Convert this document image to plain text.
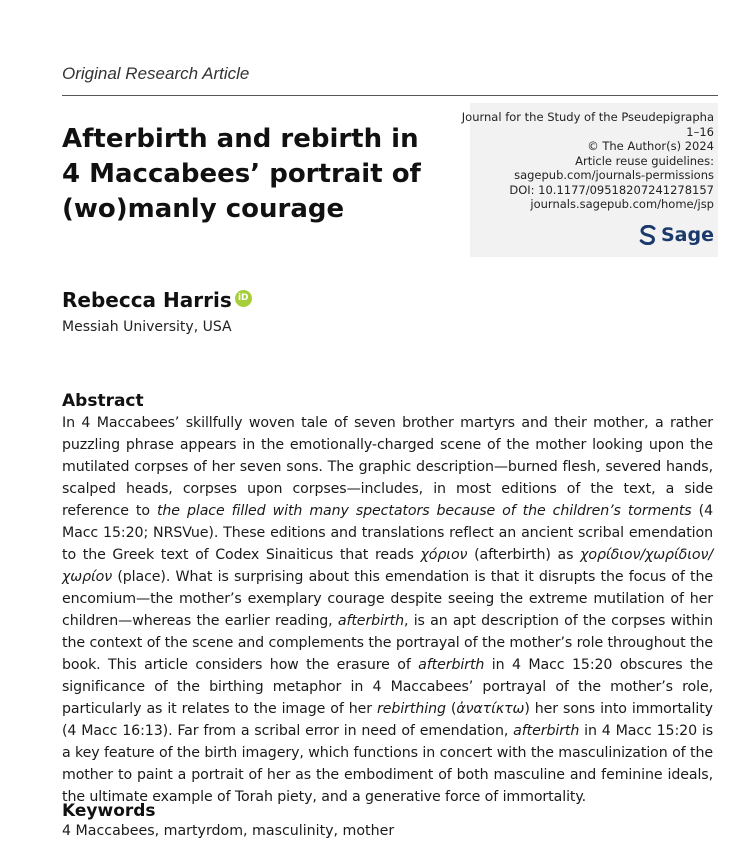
Original Research Article
Afterbirth and rebirth in
4 Maccabees’ portrait of
(wo)manly courage
Journal for the Study of the Pseudepigrapha
1–16
© The Author(s) 2024
Article reuse guidelines:
sagepub.com/journals-permissions
DOI: 10.1177/09518207241278157
journals.sagepub.com/home/jsp
Sage
Rebecca Harris iD
Messiah University, USA
Abstract

In 4 Maccabees’ skillfully woven tale of seven brother martyrs and their mother, a rather puzzling phrase appears in the emotionally-charged scene of the mother looking upon the mutilated corpses of her seven sons. The graphic description—burned flesh, severed hands, scalped heads, corpses upon corpses—includes, in most editions of the text, a side reference to the place filled with many spectators because of the children’s torments (4 Macc 15:20; NRSVue). These editions and translations reflect an ancient scribal emendation to the Greek text of Codex Sinaiticus that reads χόριον (afterbirth) as χορίδιον/χωρίδιον/χωρίον (place). What is surprising about this emendation is that it disrupts the focus of the encomium—the mother’s exemplary courage despite seeing the extreme mutilation of her children—whereas the earlier reading, afterbirth, is an apt description of the corpses within the context of the scene and complements the portrayal of the mother’s role throughout the book. This article considers how the erasure of afterbirth in 4 Macc 15:20 obscures the significance of the birthing metaphor in 4 Maccabees’ portrayal of the mother’s role, particularly as it relates to the image of her rebirthing (ἀνατίκτω) her sons into immortality (4 Macc 16:13). Far from a scribal error in need of emendation, afterbirth in 4 Macc 15:20 is a key feature of the birth imagery, which functions in concert with the masculinization of the mother to paint a portrait of her as the embodiment of both masculine and feminine ideals, the ultimate example of Torah piety, and a generative force of immortality.

Keywords
4 Maccabees, martyrdom, masculinity, mother
